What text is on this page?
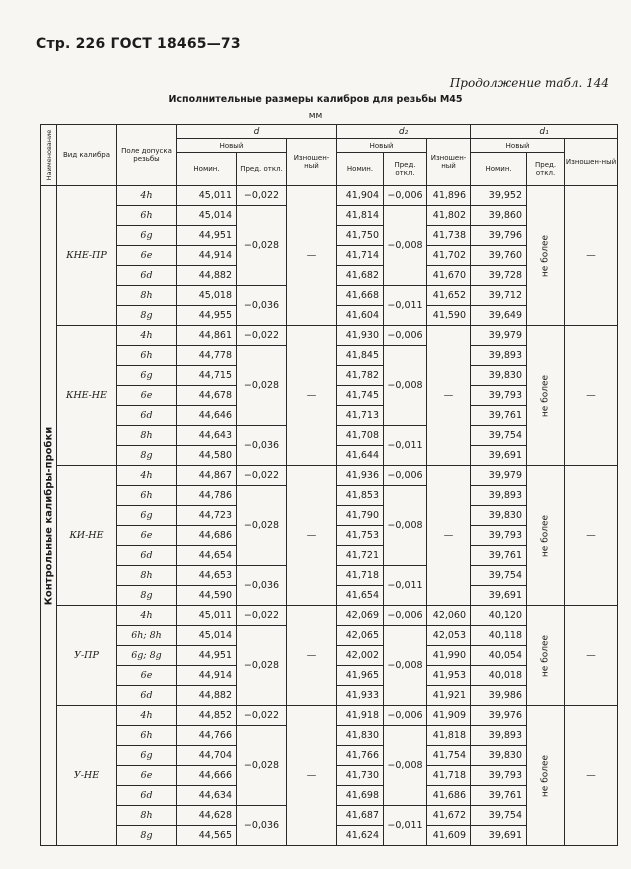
Стр. 226 ГОСТ 18465—73
Продолжение табл. 144
Исполнительные размеры калибров для резьбы М45
мм
Наименование	Вид калибра	Поле допуска резьбы	d			d₂			d₁		
			Новый		Изношен-ный	Новый		Изношен-ный	Новый		Изношен-ный
			Номин.	Пред. откл.		Номин.	Пред. откл.		Номин.	Пред. откл.	

Контрольные калибры-пробки	КНЕ-ПР	4h	45,011	−0,022	—	41,904	−0,006	41,896	39,952	не более	—
		6h	45,014	−0,028		41,814	−0,008	41,802	39,860		
		6g	44,951			41,750		41,738	39,796		
		6e	44,914			41,714		41,702	39,760		
		6d	44,882			41,682		41,670	39,728		
		8h	45,018	−0,036		41,668	−0,011	41,652	39,712		
		8g	44,955			41,604		41,590	39,649		
	КНЕ-НЕ	4h	44,861	−0,022	—	41,930	−0,006	—	39,979	не более	—
		6h	44,778	−0,028		41,845	−0,008		39,893		
		6g	44,715			41,782			39,830		
		6e	44,678			41,745			39,793		
		6d	44,646			41,713			39,761		
		8h	44,643	−0,036		41,708	−0,011		39,754		
		8g	44,580			41,644			39,691		
	КИ-НЕ	4h	44,867	−0,022	—	41,936	−0,006	—	39,979	не более	—
		6h	44,786	−0,028		41,853	−0,008		39,893		
		6g	44,723			41,790			39,830		
		6e	44,686			41,753			39,793		
		6d	44,654			41,721			39,761		
		8h	44,653	−0,036		41,718	−0,011		39,754		
		8g	44,590			41,654			39,691		
	У-ПР	4h	45,011	−0,022	—	42,069	−0,006	42,060	40,120	не более	—
		6h; 8h	45,014	−0,028		42,065	−0,008	42,053	40,118		
		6g; 8g	44,951			42,002		41,990	40,054		
		6e	44,914			41,965		41,953	40,018		
		6d	44,882			41,933		41,921	39,986		
	У-НЕ	4h	44,852	−0,022	—	41,918	−0,006	41,909	39,976	не более	—
		6h	44,766	−0,028		41,830	−0,008	41,818	39,893		
		6g	44,704			41,766		41,754	39,830		
		6e	44,666			41,730		41,718	39,793		
		6d	44,634			41,698		41,686	39,761		
		8h	44,628	−0,036		41,687	−0,011	41,672	39,754		
		8g	44,565			41,624		41,609	39,691		
